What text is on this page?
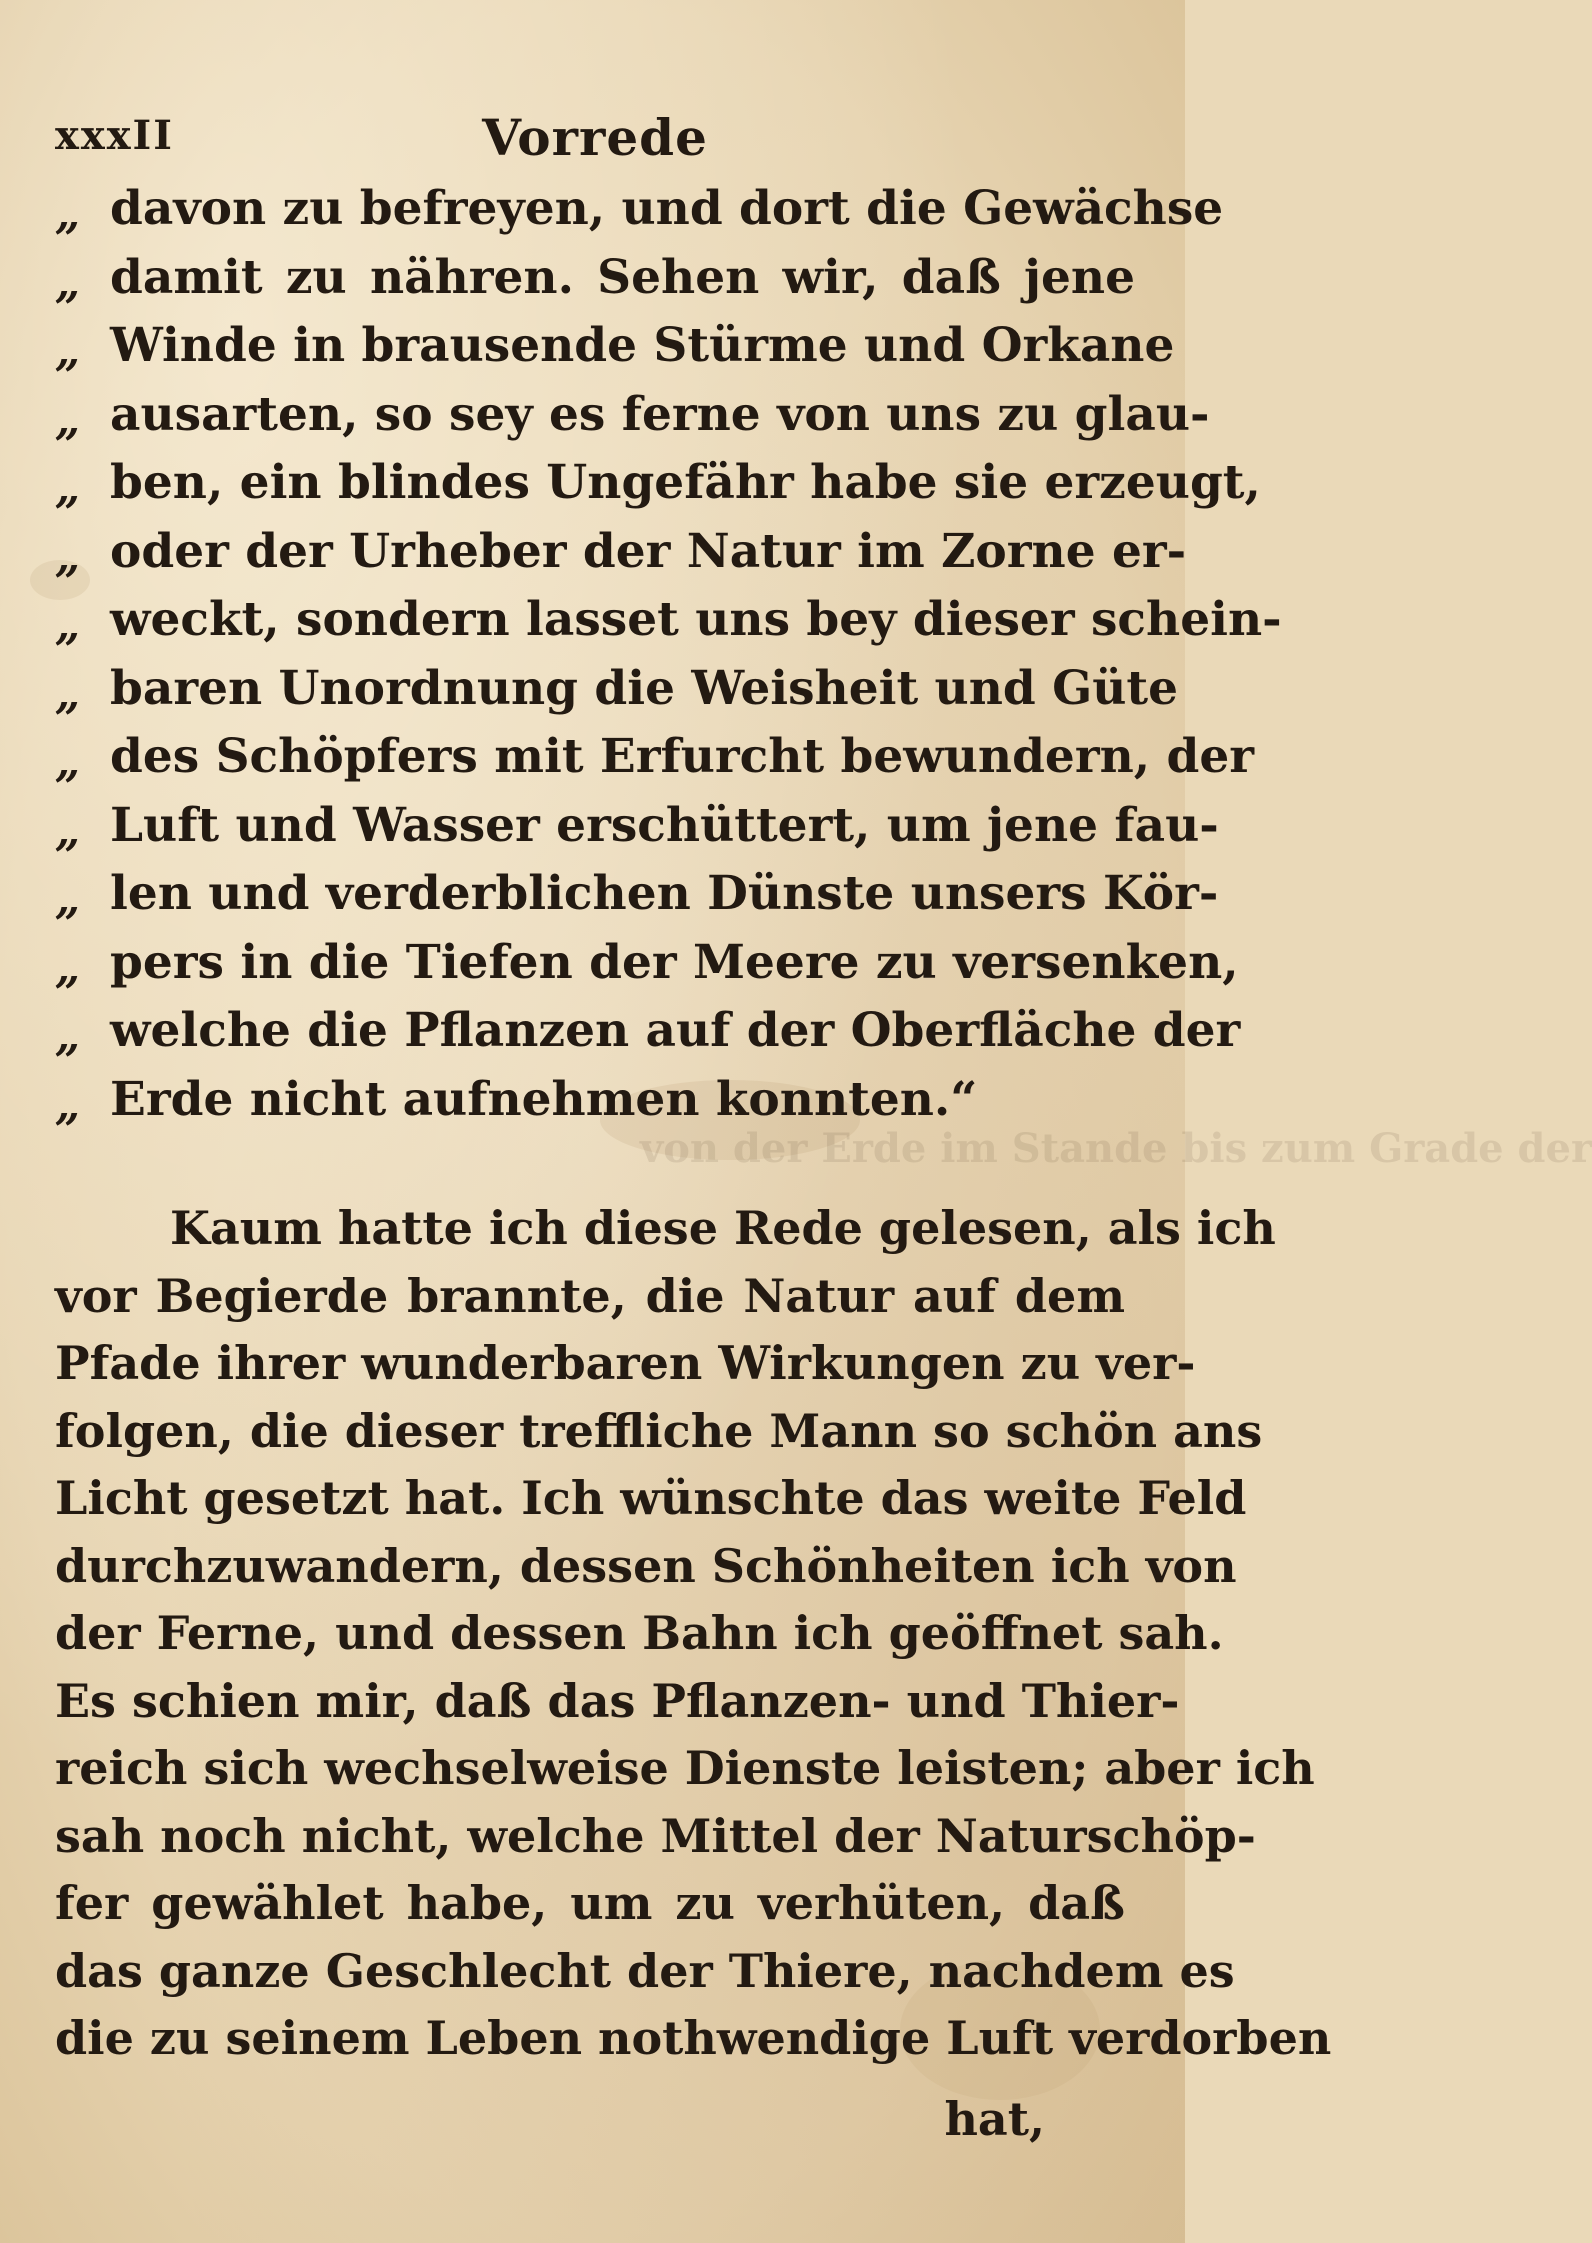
xxxII	Vorrede
„ davon zu befreyen, und dort die Gewächse
„ damit zu nähren. Sehen wir, daß jene
„ Winde in brausende Stürme und Orkane
„ ausarten, so sey es ferne von uns zu glau-
„ ben, ein blindes Ungefähr habe sie erzeugt,
„ oder der Urheber der Natur im Zorne er-
„ weckt, sondern lasset uns bey dieser schein-
„ baren Unordnung die Weisheit und Güte
„ des Schöpfers mit Erfurcht bewundern, der
„ Luft und Wasser erschüttert, um jene fau-
„ len und verderblichen Dünste unsers Kör-
„ pers in die Tiefen der Meere zu versenken,
„ welche die Pflanzen auf der Oberfläche der
„ Erde nicht aufnehmen konnten.“
von der Erde im Stande bis zum Grade der
Kaum hatte ich diese Rede gelesen, als ich
vor Begierde brannte, die Natur auf dem
Pfade ihrer wunderbaren Wirkungen zu ver-
folgen, die dieser treffliche Mann so schön ans
Licht gesetzt hat. Ich wünschte das weite Feld
durchzuwandern, dessen Schönheiten ich von
der Ferne, und dessen Bahn ich geöffnet sah.
Es schien mir, daß das Pflanzen- und Thier-
reich sich wechselweise Dienste leisten; aber ich
sah noch nicht, welche Mittel der Naturschöp-
fer gewählet habe, um zu verhüten, daß
das ganze Geschlecht der Thiere, nachdem es
die zu seinem Leben nothwendige Luft verdorben
hat,
